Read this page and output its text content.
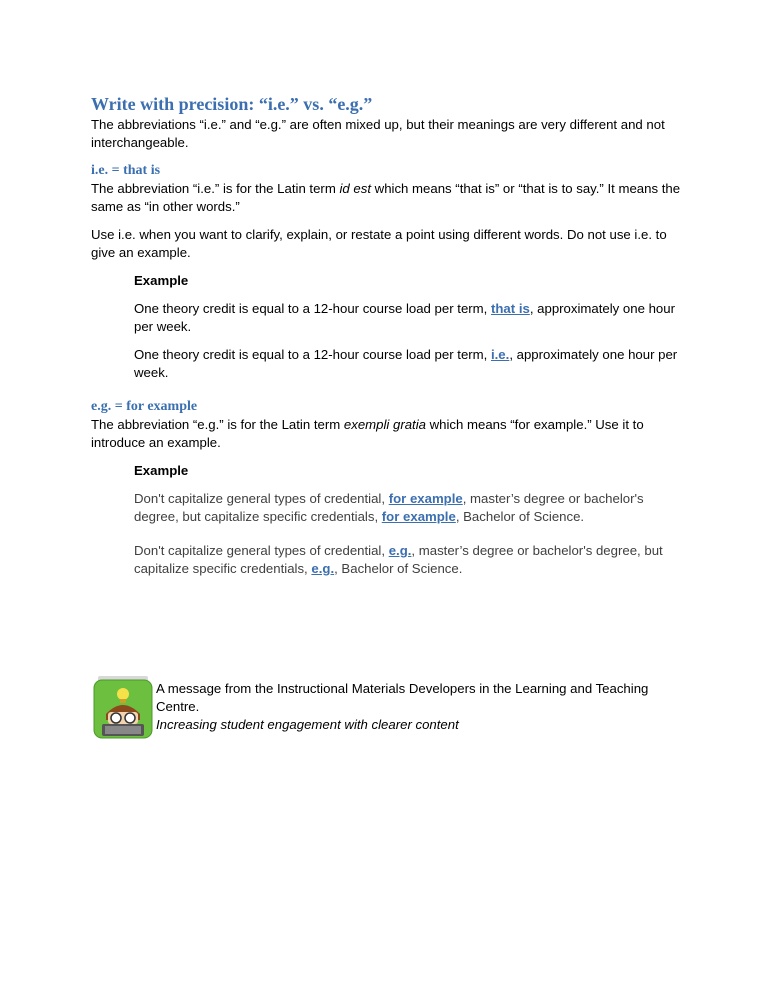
Write with precision: “i.e.” vs. “e.g.”

The abbreviations “i.e.” and “e.g.” are often mixed up, but their meanings are very different and not interchangeable.

i.e. = that is

The abbreviation “i.e.” is for the Latin term id est which means “that is” or “that is to say.” It means the same as “in other words.”

Use i.e. when you want to clarify, explain, or restate a point using different words. Do not use i.e. to give an example.

Example

One theory credit is equal to a 12-hour course load per term, that is, approximately one hour per week.

One theory credit is equal to a 12-hour course load per term, i.e., approximately one hour per week.

e.g. = for example

The abbreviation “e.g.” is for the Latin term exempli gratia which means “for example.” Use it to introduce an example.

Example

Don't capitalize general types of credential, for example, master’s degree or bachelor's degree, but capitalize specific credentials, for example, Bachelor of Science.

Don't capitalize general types of credential, e.g., master’s degree or bachelor's degree, but capitalize specific credentials, e.g., Bachelor of Science.

A message from the Instructional Materials Developers in the Learning and Teaching Centre.

Increasing student engagement with clearer content
